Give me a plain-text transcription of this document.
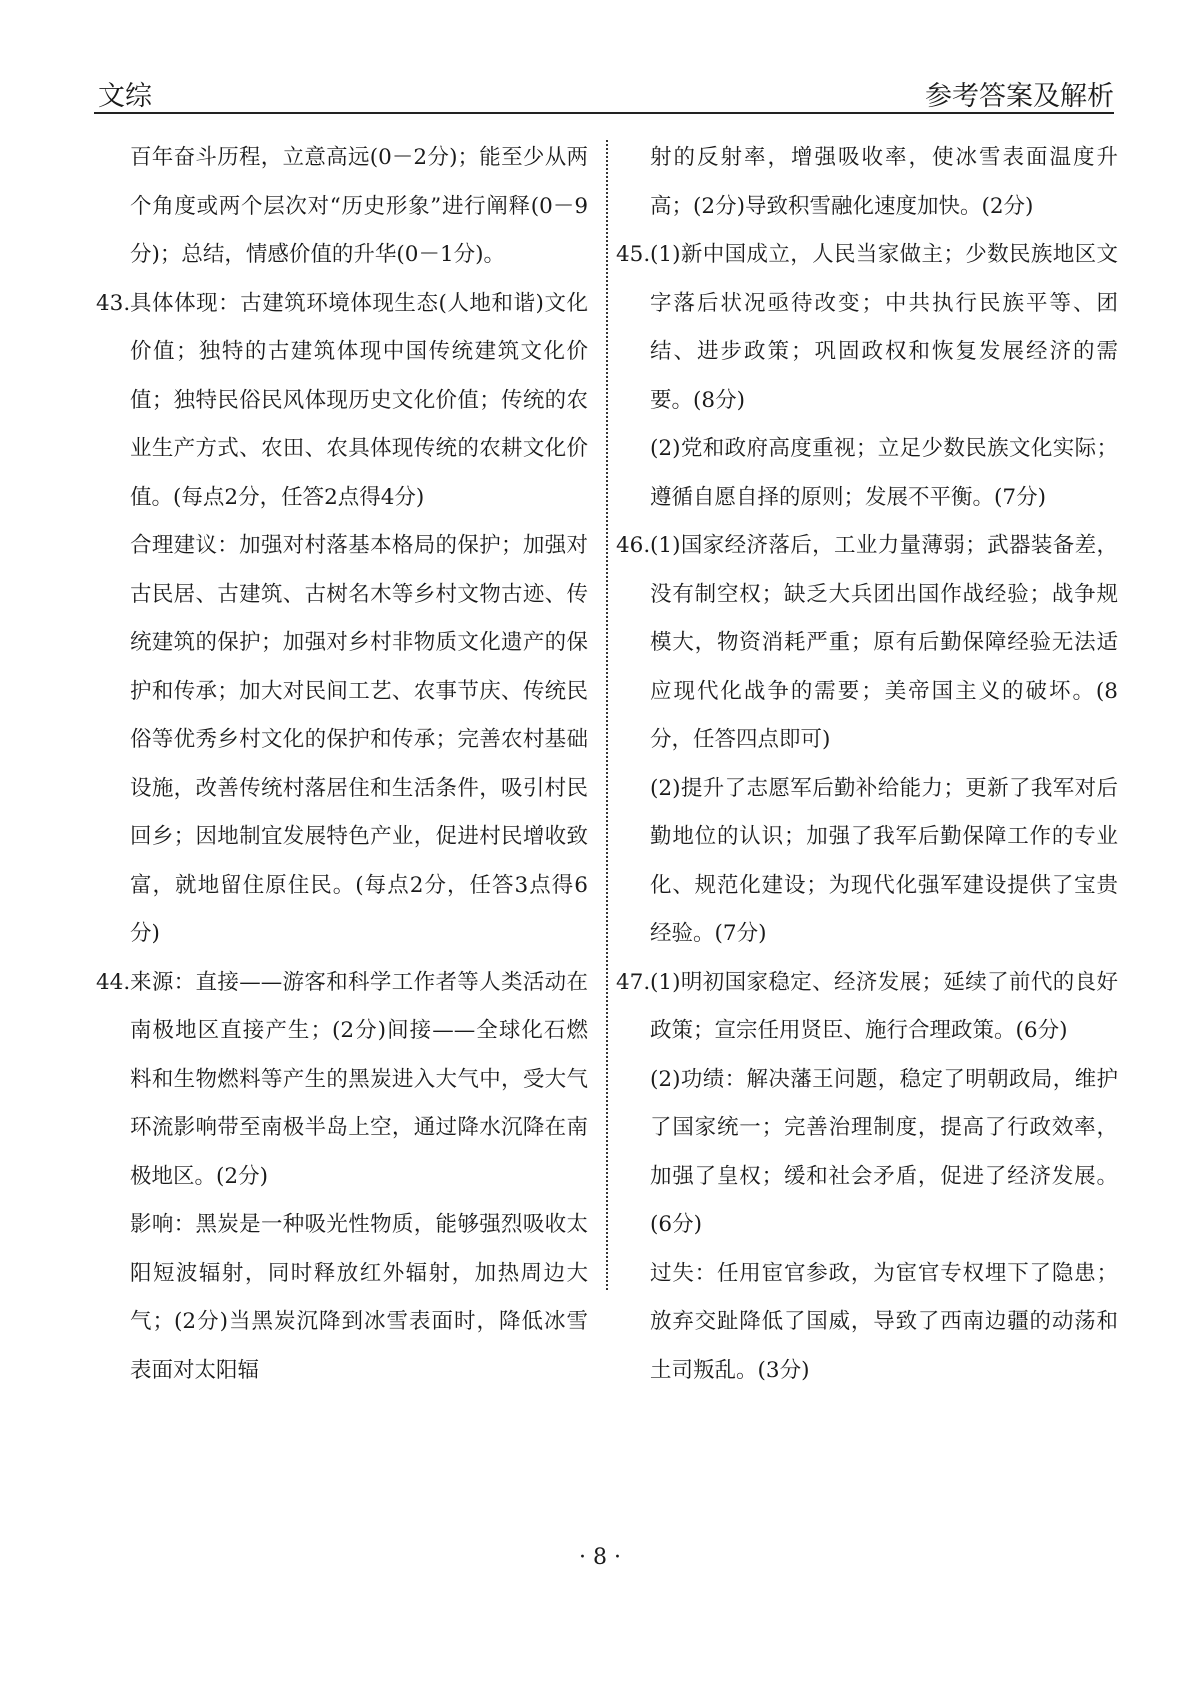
文综	参考答案及解析

百年奋斗历程，立意高远(0－2分)；能至少从两个角度或两个层次对“历史形象”进行阐释(0－9分)；总结，情感价值的升华(0－1分)。

43. 具体体现：古建筑环境体现生态(人地和谐)文化价值；独特的古建筑体现中国传统建筑文化价值；独特民俗民风体现历史文化价值；传统的农业生产方式、农田、农具体现传统的农耕文化价值。(每点2分，任答2点得4分)

合理建议：加强对村落基本格局的保护；加强对古民居、古建筑、古树名木等乡村文物古迹、传统建筑的保护；加强对乡村非物质文化遗产的保护和传承；加大对民间工艺、农事节庆、传统民俗等优秀乡村文化的保护和传承；完善农村基础设施，改善传统村落居住和生活条件，吸引村民回乡；因地制宜发展特色产业，促进村民增收致富，就地留住原住民。(每点2分，任答3点得6分)

44. 来源：直接——游客和科学工作者等人类活动在南极地区直接产生；(2分)间接——全球化石燃料和生物燃料等产生的黑炭进入大气中，受大气环流影响带至南极半岛上空，通过降水沉降在南极地区。(2分)

影响：黑炭是一种吸光性物质，能够强烈吸收太阳短波辐射，同时释放红外辐射，加热周边大气；(2分)当黑炭沉降到冰雪表面时，降低冰雪表面对太阳辐

射的反射率，增强吸收率，使冰雪表面温度升高；(2分)导致积雪融化速度加快。(2分)

45. (1)新中国成立，人民当家做主；少数民族地区文字落后状况亟待改变；中共执行民族平等、团结、进步政策；巩固政权和恢复发展经济的需要。(8分)

(2)党和政府高度重视；立足少数民族文化实际；遵循自愿自择的原则；发展不平衡。(7分)

46. (1)国家经济落后，工业力量薄弱；武器装备差，没有制空权；缺乏大兵团出国作战经验；战争规模大，物资消耗严重；原有后勤保障经验无法适应现代化战争的需要；美帝国主义的破坏。(8分，任答四点即可)

(2)提升了志愿军后勤补给能力；更新了我军对后勤地位的认识；加强了我军后勤保障工作的专业化、规范化建设；为现代化强军建设提供了宝贵经验。(7分)

47. (1)明初国家稳定、经济发展；延续了前代的良好政策；宣宗任用贤臣、施行合理政策。(6分)

(2)功绩：解决藩王问题，稳定了明朝政局，维护了国家统一；完善治理制度，提高了行政效率，加强了皇权；缓和社会矛盾，促进了经济发展。(6分)

过失：任用宦官参政，为宦官专权埋下了隐患；放弃交趾降低了国威，导致了西南边疆的动荡和土司叛乱。(3分)

· 8 ·
